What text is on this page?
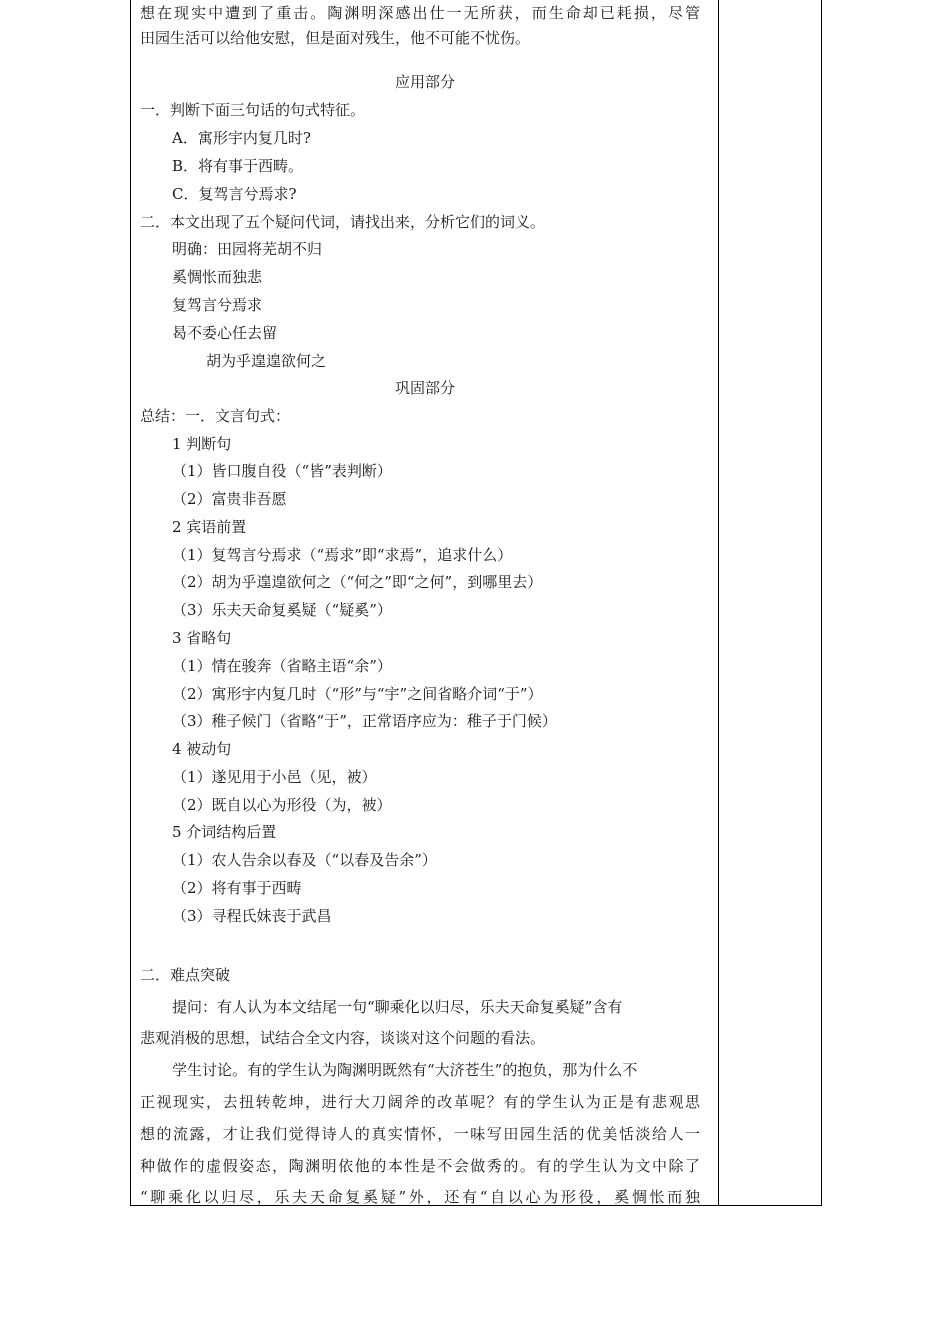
想在现实中遭到了重击。陶渊明深感出仕一无所获，而生命却已耗损，尽管
田园生活可以给他安慰，但是面对残生，他不可能不忧伤。
应用部分
一．判断下面三句话的句式特征。
A．寓形宇内复几时?
B．将有事于西畴。
C．复驾言兮焉求?
二．本文出现了五个疑问代词，请找出来，分析它们的词义。
明确：田园将芜胡不归
奚惆怅而独悲
复驾言兮焉求
曷不委心任去留
胡为乎遑遑欲何之
巩固部分
总结：一．文言句式：
1 判断句
（1）皆口腹自役（“皆”表判断）
（2）富贵非吾愿
2 宾语前置
（1）复驾言兮焉求（“焉求”即“求焉”，追求什么）
（2）胡为乎遑遑欲何之（“何之”即“之何”，到哪里去）
（3）乐夫天命复奚疑（“疑奚”）
3 省略句
（1）情在骏奔（省略主语“余”）
（2）寓形宇内复几时（“形”与“宇”之间省略介词“于”）
（3）稚子候门（省略“于”，正常语序应为：稚子于门候）
4 被动句
（1）遂见用于小邑（见，被）
（2）既自以心为形役（为，被）
5 介词结构后置
（1）农人告余以春及（“以春及告余”）
（2）将有事于西畴
（3）寻程氏妹丧于武昌
二．难点突破
提问：有人认为本文结尾一句“聊乘化以归尽，乐夫天命复奚疑”含有
悲观消极的思想，试结合全文内容，谈谈对这个问题的看法。
学生讨论。有的学生认为陶渊明既然有“大济苍生”的抱负，那为什么不
正视现实，去扭转乾坤，进行大刀阔斧的改革呢？有的学生认为正是有悲观思
想的流露，才让我们觉得诗人的真实情怀，一味写田园生活的优美恬淡给人一
种做作的虚假姿态，陶渊明依他的本性是不会做秀的。有的学生认为文中除了
“聊乘化以归尽，乐夫天命复奚疑”外，还有“自以心为形役，奚惆怅而独
